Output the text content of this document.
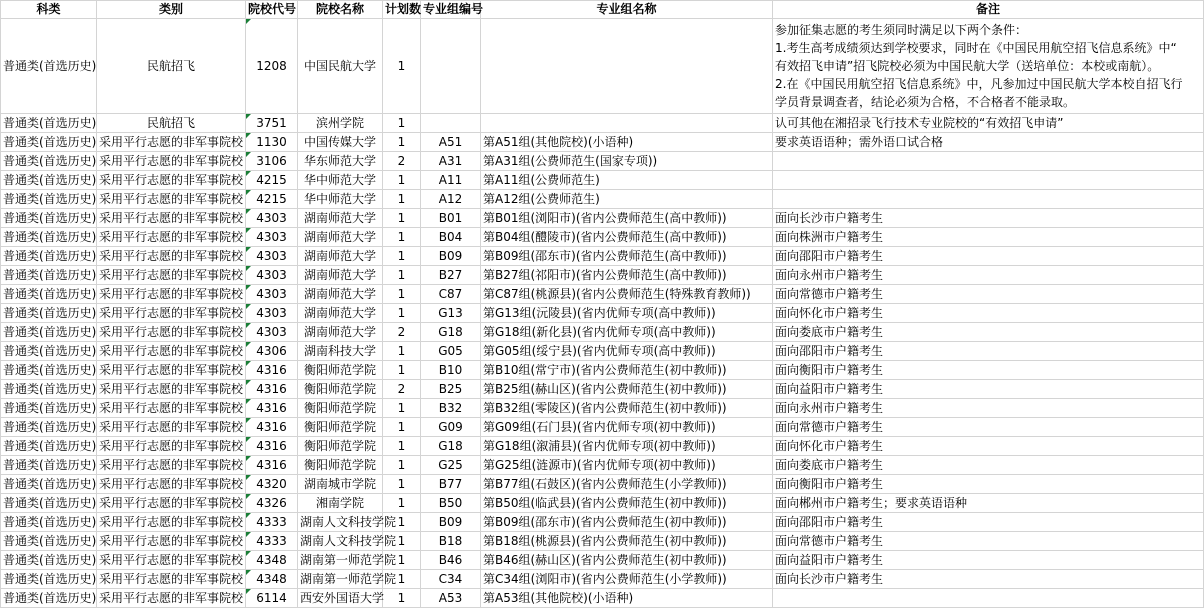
科类	类别	院校代号	院校名称	计划数	专业组编号	专业组名称	备注
普通类(首选历史)	民航招飞	1208	中国民航大学	1			参加征集志愿的考生须同时满足以下两个条件：
1.考生高考成绩须达到学校要求，同时在《中国民用航空招飞信息系统》中“
有效招飞申请”招飞院校必须为中国民航大学（送培单位：本校或南航）。
2.在《中国民用航空招飞信息系统》中，凡参加过中国民航大学本校自招飞行
学员背景调查者，结论必须为合格，不合格者不能录取。

普通类(首选历史)	民航招飞	3751	滨州学院	1			认可其他在湘招录飞行技术专业院校的“有效招飞申请”
普通类(首选历史)	采用平行志愿的非军事院校	1130	中国传媒大学	1	A51	第A51组(其他院校)(小语种)	要求英语语种；需外语口试合格
普通类(首选历史)	采用平行志愿的非军事院校	3106	华东师范大学	2	A31	第A31组(公费师范生(国家专项))	
普通类(首选历史)	采用平行志愿的非军事院校	4215	华中师范大学	1	A11	第A11组(公费师范生)	
普通类(首选历史)	采用平行志愿的非军事院校	4215	华中师范大学	1	A12	第A12组(公费师范生)	
普通类(首选历史)	采用平行志愿的非军事院校	4303	湖南师范大学	1	B01	第B01组(浏阳市)(省内公费师范生(高中教师))	面向长沙市户籍考生
普通类(首选历史)	采用平行志愿的非军事院校	4303	湖南师范大学	1	B04	第B04组(醴陵市)(省内公费师范生(高中教师))	面向株洲市户籍考生
普通类(首选历史)	采用平行志愿的非军事院校	4303	湖南师范大学	1	B09	第B09组(邵东市)(省内公费师范生(高中教师))	面向邵阳市户籍考生
普通类(首选历史)	采用平行志愿的非军事院校	4303	湖南师范大学	1	B27	第B27组(祁阳市)(省内公费师范生(高中教师))	面向永州市户籍考生
普通类(首选历史)	采用平行志愿的非军事院校	4303	湖南师范大学	1	C87	第C87组(桃源县)(省内公费师范生(特殊教育教师))	面向常德市户籍考生
普通类(首选历史)	采用平行志愿的非军事院校	4303	湖南师范大学	1	G13	第G13组(沅陵县)(省内优师专项(高中教师))	面向怀化市户籍考生
普通类(首选历史)	采用平行志愿的非军事院校	4303	湖南师范大学	2	G18	第G18组(新化县)(省内优师专项(高中教师))	面向娄底市户籍考生
普通类(首选历史)	采用平行志愿的非军事院校	4306	湖南科技大学	1	G05	第G05组(绥宁县)(省内优师专项(高中教师))	面向邵阳市户籍考生
普通类(首选历史)	采用平行志愿的非军事院校	4316	衡阳师范学院	1	B10	第B10组(常宁市)(省内公费师范生(初中教师))	面向衡阳市户籍考生
普通类(首选历史)	采用平行志愿的非军事院校	4316	衡阳师范学院	2	B25	第B25组(赫山区)(省内公费师范生(初中教师))	面向益阳市户籍考生
普通类(首选历史)	采用平行志愿的非军事院校	4316	衡阳师范学院	1	B32	第B32组(零陵区)(省内公费师范生(初中教师))	面向永州市户籍考生
普通类(首选历史)	采用平行志愿的非军事院校	4316	衡阳师范学院	1	G09	第G09组(石门县)(省内优师专项(初中教师))	面向常德市户籍考生
普通类(首选历史)	采用平行志愿的非军事院校	4316	衡阳师范学院	1	G18	第G18组(溆浦县)(省内优师专项(初中教师))	面向怀化市户籍考生
普通类(首选历史)	采用平行志愿的非军事院校	4316	衡阳师范学院	1	G25	第G25组(涟源市)(省内优师专项(初中教师))	面向娄底市户籍考生
普通类(首选历史)	采用平行志愿的非军事院校	4320	湖南城市学院	1	B77	第B77组(石鼓区)(省内公费师范生(小学教师))	面向衡阳市户籍考生
普通类(首选历史)	采用平行志愿的非军事院校	4326	湘南学院	1	B50	第B50组(临武县)(省内公费师范生(初中教师))	面向郴州市户籍考生；要求英语语种
普通类(首选历史)	采用平行志愿的非军事院校	4333	湖南人文科技学院	1	B09	第B09组(邵东市)(省内公费师范生(初中教师))	面向邵阳市户籍考生
普通类(首选历史)	采用平行志愿的非军事院校	4333	湖南人文科技学院	1	B18	第B18组(桃源县)(省内公费师范生(初中教师))	面向常德市户籍考生
普通类(首选历史)	采用平行志愿的非军事院校	4348	湖南第一师范学院	1	B46	第B46组(赫山区)(省内公费师范生(初中教师))	面向益阳市户籍考生
普通类(首选历史)	采用平行志愿的非军事院校	4348	湖南第一师范学院	1	C34	第C34组(浏阳市)(省内公费师范生(小学教师))	面向长沙市户籍考生
普通类(首选历史)	采用平行志愿的非军事院校	6114	西安外国语大学	1	A53	第A53组(其他院校)(小语种)	
